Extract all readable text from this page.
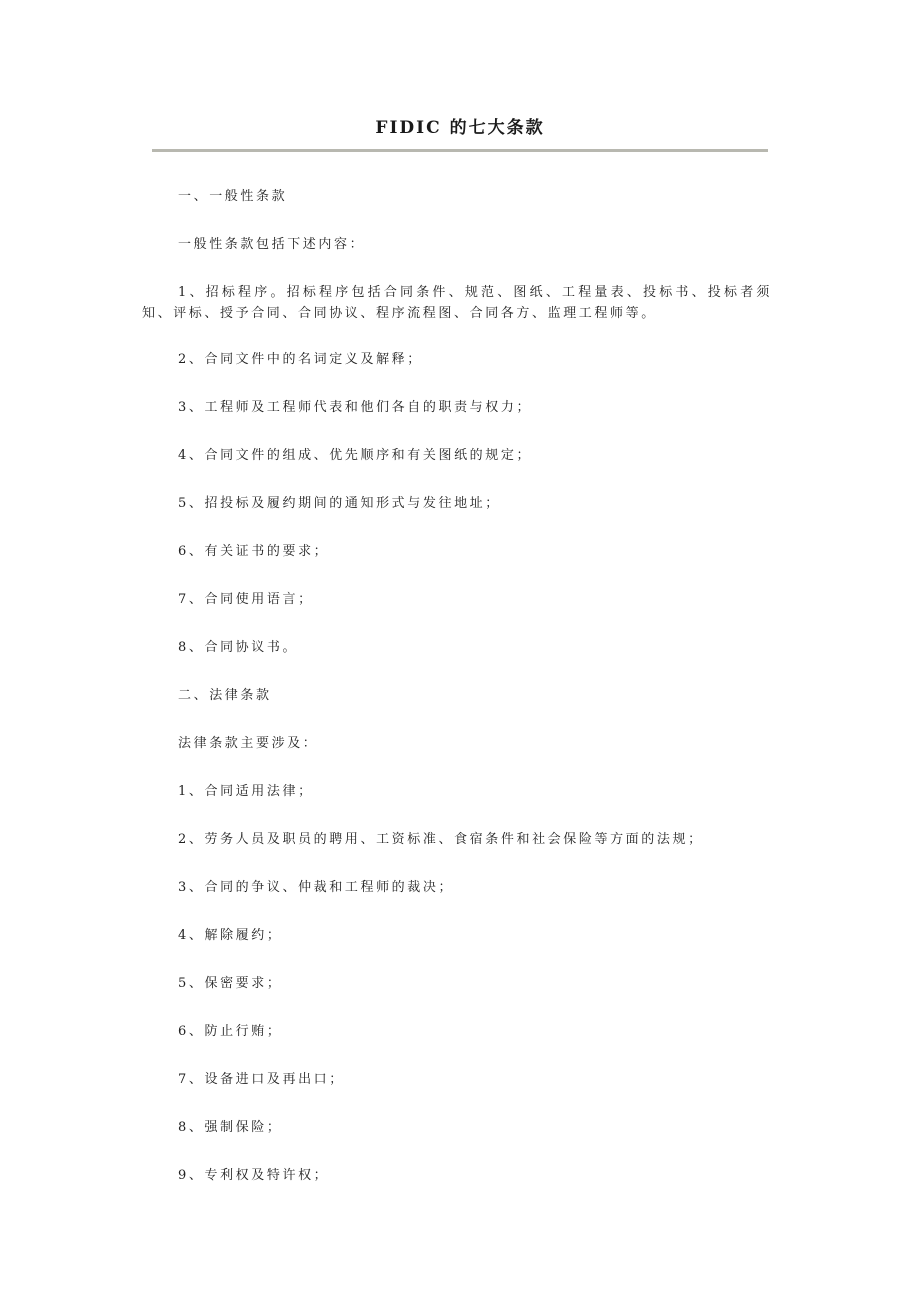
FIDIC 的七大条款

一、一般性条款

一般性条款包括下述内容：

1、招标程序。招标程序包括合同条件、规范、图纸、工程量表、投标书、投标者须知、评标、授予合同、合同协议、程序流程图、合同各方、监理工程师等。

2、合同文件中的名词定义及解释；

3、工程师及工程师代表和他们各自的职责与权力；

4、合同文件的组成、优先顺序和有关图纸的规定；

5、招投标及履约期间的通知形式与发往地址；

6、有关证书的要求；

7、合同使用语言；

8、合同协议书。

二、法律条款

法律条款主要涉及：

1、合同适用法律；

2、劳务人员及职员的聘用、工资标准、食宿条件和社会保险等方面的法规；

3、合同的争议、仲裁和工程师的裁决；

4、解除履约；

5、保密要求；

6、防止行贿；

7、设备进口及再出口；

8、强制保险；

9、专利权及特许权；
